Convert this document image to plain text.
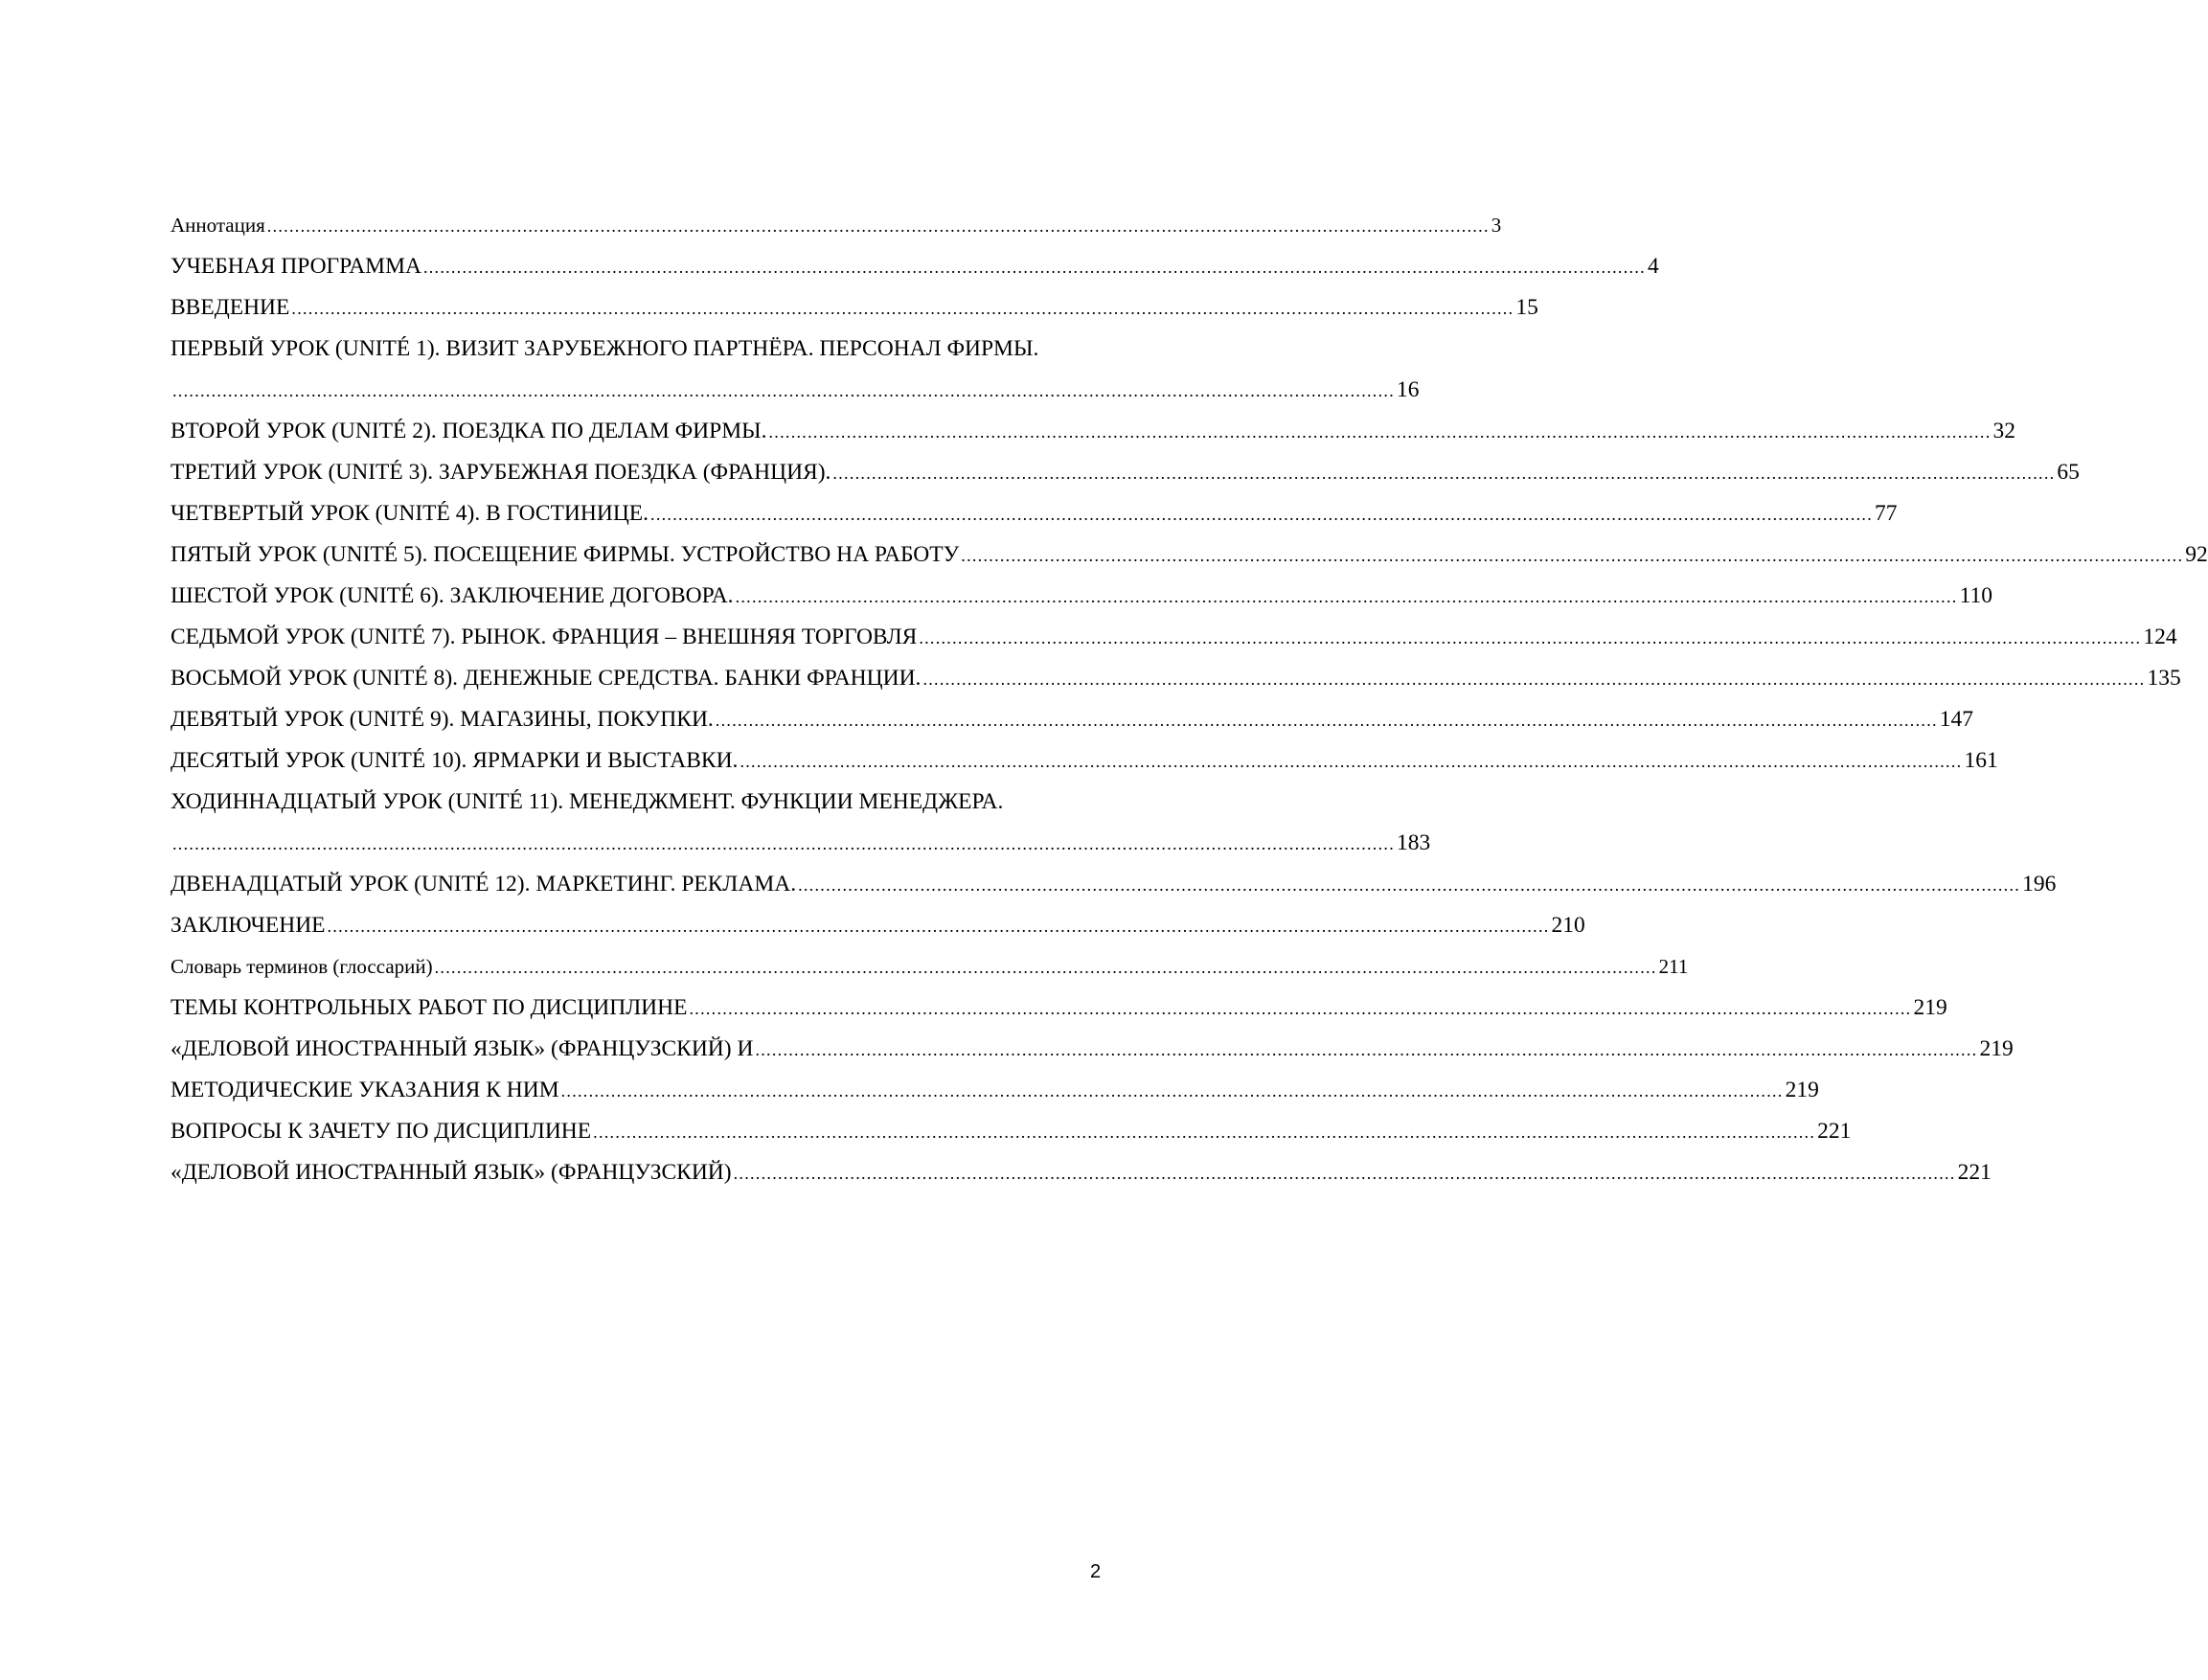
Аннотация ............................................................................................................................................................................................................................ 3
УЧЕБНАЯ ПРОГРАММА ............................................................................................................................................................................................................................ 4
ВВЕДЕНИЕ ............................................................................................................................................................................................................................ 15
ПЕРВЫЙ УРОК (UNITÉ 1). ВИЗИТ ЗАРУБЕЖНОГО ПАРТНЁРА. ПЕРСОНАЛ ФИРМЫ.
............................................................................................................................................................................................................................ 16
ВТОРОЙ УРОК (UNITÉ 2). ПОЕЗДКА ПО ДЕЛАМ ФИРМЫ. ............................................................................................................................................................................................................................ 32
ТРЕТИЙ УРОК (UNITÉ 3). ЗАРУБЕЖНАЯ ПОЕЗДКА (ФРАНЦИЯ). ............................................................................................................................................................................................................................ 65
ЧЕТВЕРТЫЙ УРОК (UNITÉ 4). В ГОСТИНИЦЕ. ............................................................................................................................................................................................................................ 77
ПЯТЫЙ УРОК (UNITÉ 5). ПОСЕЩЕНИЕ ФИРМЫ. УСТРОЙСТВО НА РАБОТУ ............................................................................................................................................................................................................................ 92
ШЕСТОЙ УРОК (UNITÉ 6). ЗАКЛЮЧЕНИЕ ДОГОВОРА. ............................................................................................................................................................................................................................ 110
СЕДЬМОЙ УРОК (UNITÉ 7). РЫНОК. ФРАНЦИЯ – ВНЕШНЯЯ ТОРГОВЛЯ ............................................................................................................................................................................................................................ 124
ВОСЬМОЙ УРОК (UNITÉ 8). ДЕНЕЖНЫЕ СРЕДСТВА. БАНКИ ФРАНЦИИ. ............................................................................................................................................................................................................................ 135
ДЕВЯТЫЙ УРОК (UNITÉ 9). МАГАЗИНЫ, ПОКУПКИ. ............................................................................................................................................................................................................................ 147
ДЕСЯТЫЙ УРОК (UNITÉ 10). ЯРМАРКИ И ВЫСТАВКИ. ............................................................................................................................................................................................................................ 161
ХОДИННАДЦАТЫЙ УРОК (UNITÉ 11). МЕНЕДЖМЕНТ. ФУНКЦИИ МЕНЕДЖЕРА.
............................................................................................................................................................................................................................ 183
ДВЕНАДЦАТЫЙ УРОК (UNITÉ 12). МАРКЕТИНГ. РЕКЛАМА. ............................................................................................................................................................................................................................ 196
ЗАКЛЮЧЕНИЕ ............................................................................................................................................................................................................................ 210
Словарь терминов (глоссарий) ............................................................................................................................................................................................................................ 211
ТЕМЫ КОНТРОЛЬНЫХ РАБОТ ПО ДИСЦИПЛИНЕ ............................................................................................................................................................................................................................ 219
«ДЕЛОВОЙ ИНОСТРАННЫЙ ЯЗЫК» (ФРАНЦУЗСКИЙ) И ............................................................................................................................................................................................................................ 219
МЕТОДИЧЕСКИЕ УКАЗАНИЯ К НИМ ............................................................................................................................................................................................................................ 219
ВОПРОСЫ К ЗАЧЕТУ ПО ДИСЦИПЛИНЕ ............................................................................................................................................................................................................................ 221
«ДЕЛОВОЙ ИНОСТРАННЫЙ ЯЗЫК» (ФРАНЦУЗСКИЙ) ............................................................................................................................................................................................................................ 221
2
